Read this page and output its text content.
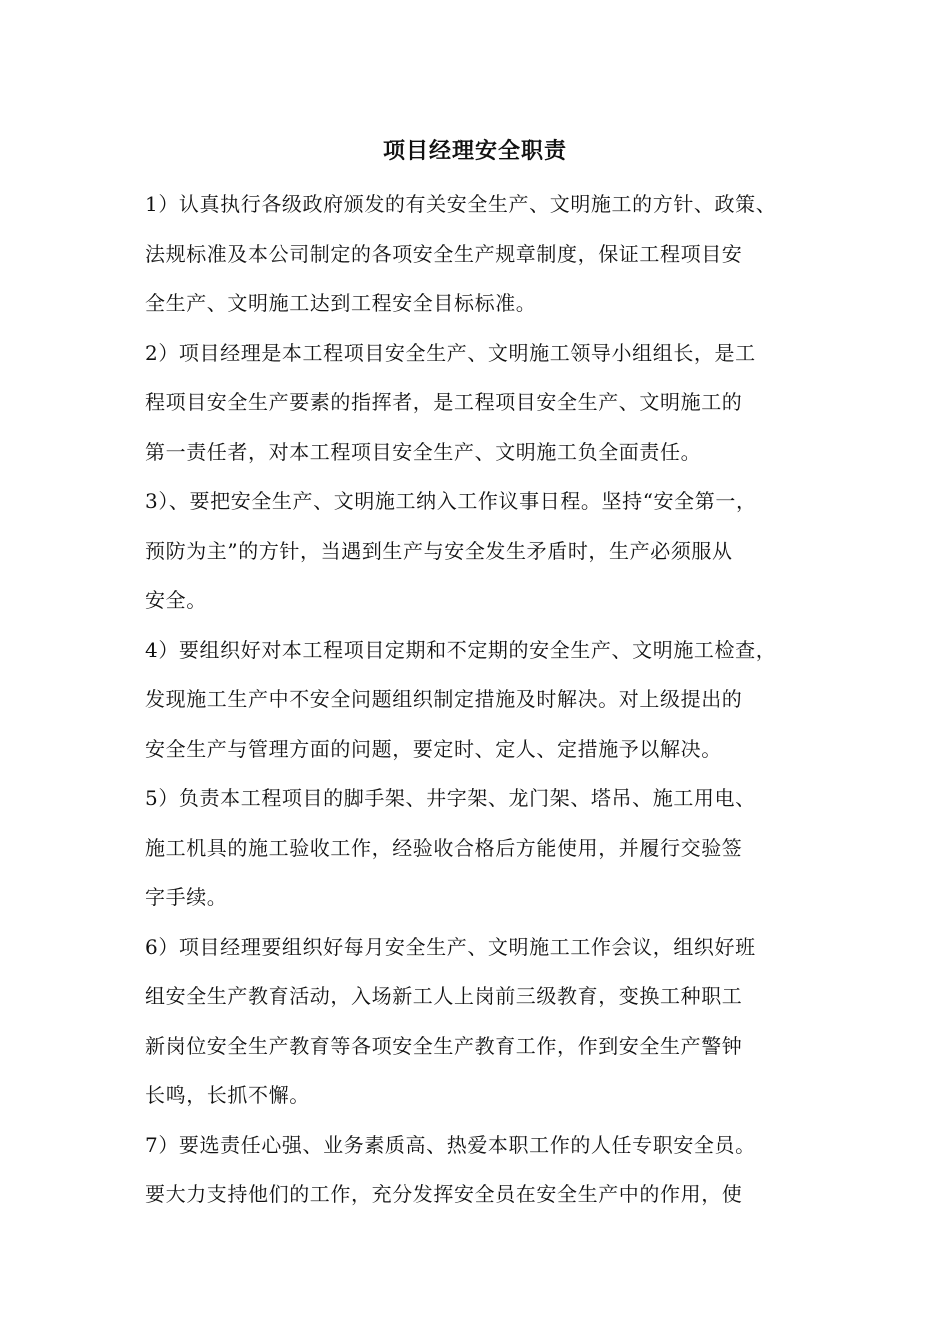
项目经理安全职责
1）认真执行各级政府颁发的有关安全生产、文明施工的方针、政策、
法规标准及本公司制定的各项安全生产规章制度，保证工程项目安
全生产、文明施工达到工程安全目标标准。
2）项目经理是本工程项目安全生产、文明施工领导小组组长，是工
程项目安全生产要素的指挥者，是工程项目安全生产、文明施工的
第一责任者，对本工程项目安全生产、文明施工负全面责任。
3）、要把安全生产、文明施工纳入工作议事日程。坚持“安全第一，
预防为主”的方针，当遇到生产与安全发生矛盾时，生产必须服从
安全。
4）要组织好对本工程项目定期和不定期的安全生产、文明施工检查，
发现施工生产中不安全问题组织制定措施及时解决。对上级提出的
安全生产与管理方面的问题，要定时、定人、定措施予以解决。
5）负责本工程项目的脚手架、井字架、龙门架、塔吊、施工用电、
施工机具的施工验收工作，经验收合格后方能使用，并履行交验签
字手续。
6）项目经理要组织好每月安全生产、文明施工工作会议，组织好班
组安全生产教育活动，入场新工人上岗前三级教育，变换工种职工
新岗位安全生产教育等各项安全生产教育工作，作到安全生产警钟
长鸣，长抓不懈。
7）要选责任心强、业务素质高、热爱本职工作的人任专职安全员。
要大力支持他们的工作，充分发挥安全员在安全生产中的作用，使
